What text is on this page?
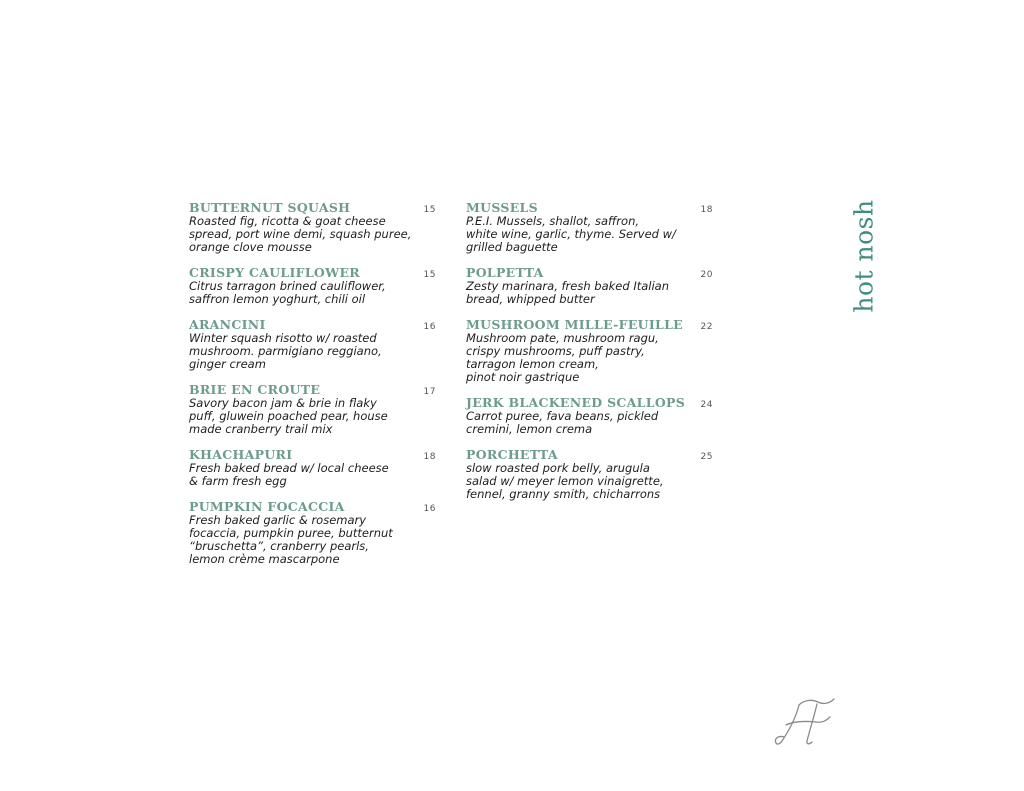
BUTTERNUT SQUASH	15
Roasted fig, ricotta & goat cheese
spread, port wine demi, squash puree,
orange clove mousse
CRISPY CAULIFLOWER	15
Citrus tarragon brined cauliflower,
saffron lemon yoghurt, chili oil
ARANCINI	16
Winter squash risotto w/ roasted
mushroom. parmigiano reggiano,
ginger cream
BRIE EN CROUTE	17
Savory bacon jam & brie in flaky
puff, gluwein poached pear, house
made cranberry trail mix
KHACHAPURI	18
Fresh baked bread w/ local cheese
& farm fresh egg
PUMPKIN FOCACCIA	16
Fresh baked garlic & rosemary
focaccia, pumpkin puree, butternut
“bruschetta”, cranberry pearls,
lemon crème mascarpone
MUSSELS	18
P.E.I. Mussels, shallot, saffron,
white wine, garlic, thyme. Served w/
grilled baguette
POLPETTA	20
Zesty marinara, fresh baked Italian
bread, whipped butter
MUSHROOM MILLE-FEUILLE 22
Mushroom pate, mushroom ragu,
crispy mushrooms, puff pastry,
tarragon lemon cream,
pinot noir gastrique
JERK BLACKENED SCALLOPS 24
Carrot puree, fava beans, pickled
cremini, lemon crema
PORCHETTA	25
slow roasted pork belly, arugula
salad w/ meyer lemon vinaigrette,
fennel, granny smith, chicharrons
hot nosh
